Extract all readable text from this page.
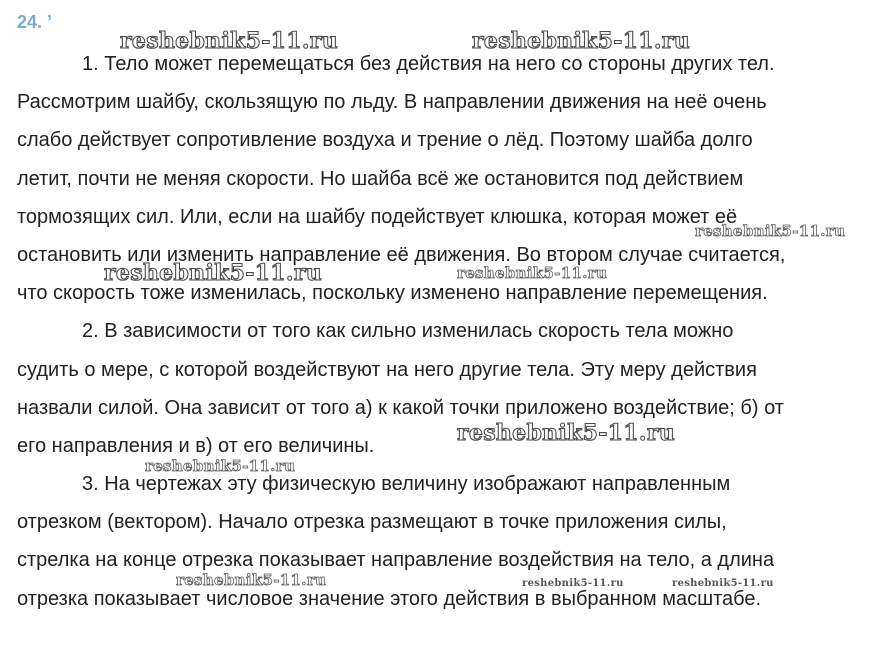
24. ’
1. Тело может перемещаться без действия на него со стороны других тел.
Рассмотрим шайбу, скользящую по льду. В направлении движения на неё очень
слабо действует сопротивление воздуха и трение о лёд. Поэтому шайба долго
летит, почти не меняя скорости. Но шайба всё же остановится под действием
тормозящих сил. Или, если на шайбу подействует клюшка, которая может её
остановить или изменить направление её движения. Во втором случае считается,
что скорость тоже изменилась, поскольку изменено направление перемещения.
2. В зависимости от того как сильно изменилась скорость тела можно
судить о мере, с которой воздействуют на него другие тела. Эту меру действия
назвали силой. Она зависит от того а) к какой точки приложено воздействие; б) от
его направления и в) от его величины.
3. На чертежах эту физическую величину изображают направленным
отрезком (вектором). Начало отрезка размещают в точке приложения силы,
стрелка на конце отрезка показывает направление воздействия на тело, а длина
отрезка показывает числовое значение этого действия в выбранном масштабе.
reshebnik5-11.ru	reshebnik5-11.ru
reshebnik5-11.ru
reshebnik5-11.ru	reshebnik5-11.ru
reshebnik5-11.ru
reshebnik5-11.ru
reshebnik5-11.ru	reshebnik5-11.ru	reshebnik5-11.ru
